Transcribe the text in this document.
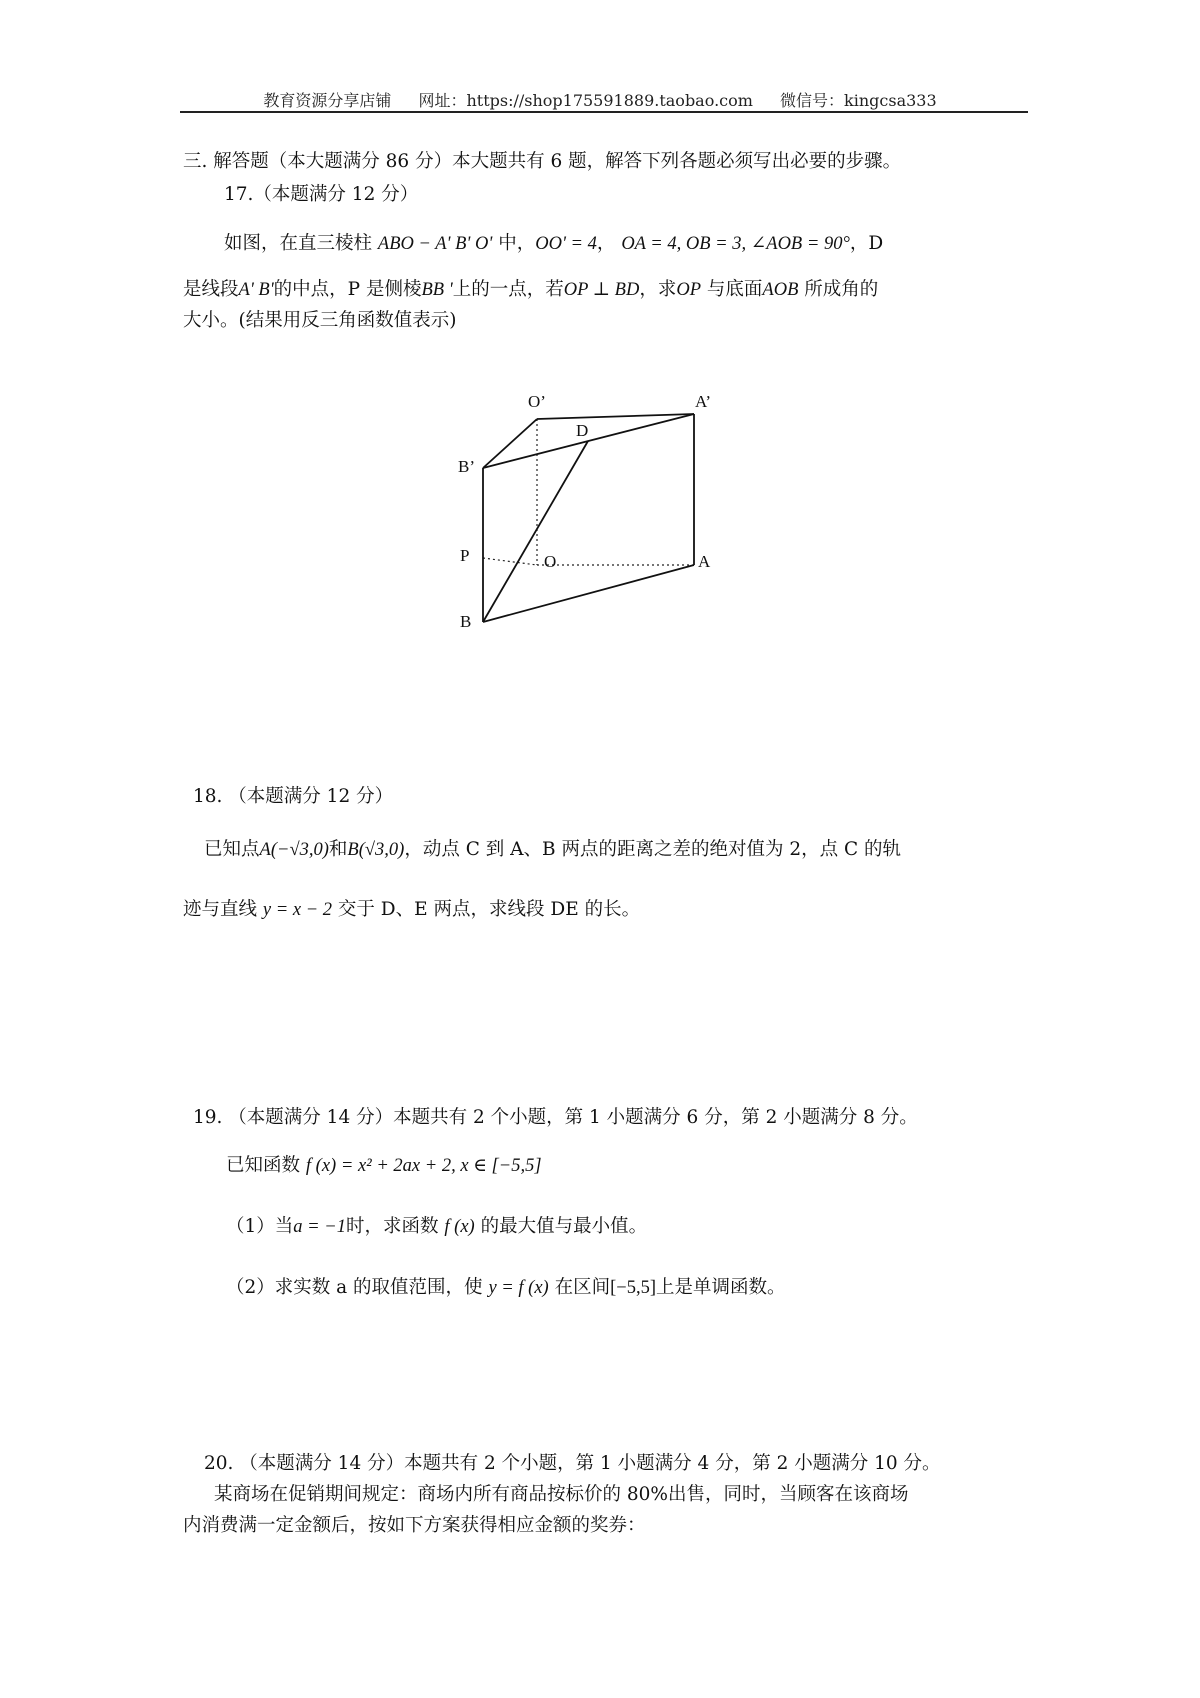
教育资源分享店铺 网址：https://shop175591889.taobao.com 微信号：kingcsa333
三. 解答题（本大题满分 86 分）本大题共有 6 题，解答下列各题必须写出必要的步骤。
17.（本题满分 12 分）
如图，在直三棱柱 ABO − A' B' O' 中，OO' = 4， OA = 4, OB = 3, ∠AOB = 90°，D
是线段A' B'的中点，P 是侧棱BB '上的一点，若OP ⊥ BD，求OP 与底面AOB 所成角的
大小。(结果用反三角函数值表示)
O’	A’
D
B’
P	O	A
B
18. （本题满分 12 分）
已知点A(−√3,0)和B(√3,0)，动点 C 到 A、B 两点的距离之差的绝对值为 2，点 C 的轨
迹与直线 y = x − 2 交于 D、E 两点，求线段 DE 的长。
19. （本题满分 14 分）本题共有 2 个小题，第 1 小题满分 6 分，第 2 小题满分 8 分。
已知函数 f (x) = x² + 2ax + 2, x ∈ [−5,5]
（1）当a = −1时，求函数 f (x) 的最大值与最小值。
（2）求实数 a 的取值范围，使 y = f (x) 在区间[−5,5]上是单调函数。
20. （本题满分 14 分）本题共有 2 个小题，第 1 小题满分 4 分，第 2 小题满分 10 分。
某商场在促销期间规定：商场内所有商品按标价的 80%出售，同时，当顾客在该商场
内消费满一定金额后，按如下方案获得相应金额的奖券：
